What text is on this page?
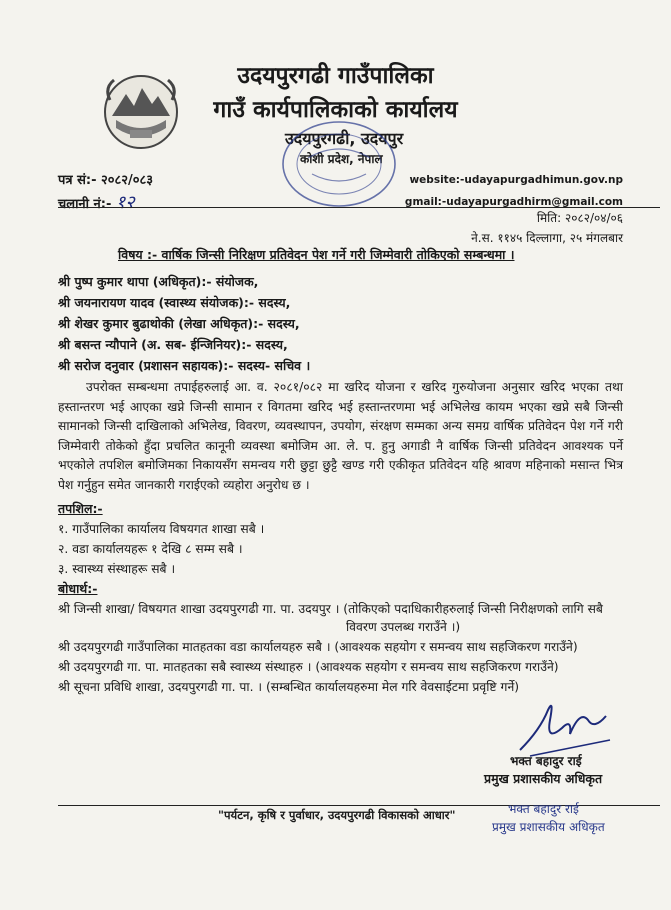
उदयपुरगढी गाउँपालिका
गाउँ कार्यपालिकाको कार्यालय
उदयपुरगढी, उदयपुर
कोशी प्रदेश, नेपाल
पत्र सं:- २०८२/०८३
चलानी नं:- १२
website:-udayapurgadhimun.gov.np
gmail:-udayapurgadhirm@gmail.com
मिति: २०८२/०४/०६
ने.स. ११४५ दिल्लागा, २५ मंगलबार
विषय :- वार्षिक जिन्सी निरिक्षण प्रतिवेदन पेश गर्ने गरी जिम्मेवारी तोकिएको सम्बन्धमा ।
श्री पुष्प कुमार थापा (अधिकृत):- संयोजक,
श्री जयनारायण यादव (स्वास्थ्य संयोजक):- सदस्य,
श्री शेखर कुमार बुढाथोकी (लेखा अधिकृत):- सदस्य,
श्री बसन्त न्यौपाने (अ. सब- ईन्जिनियर):- सदस्य,
श्री सरोज दनुवार (प्रशासन सहायक):- सदस्य- सचिव ।
उपरोक्त सम्बन्धमा तपाईहरुलाई आ. व. २०८१/०८२ मा खरिद योजना र खरिद गुरुयोजना अनुसार खरिद भएका तथा हस्तान्तरण भई आएका खप्ने जिन्सी सामान र विगतमा खरिद भई हस्तान्तरणमा भई अभिलेख कायम भएका खप्ने सबै जिन्सी सामानको जिन्सी दाखिलाको अभिलेख, विवरण, व्यवस्थापन, उपयोग, संरक्षण सम्मका अन्य समग्र वार्षिक प्रतिवेदन पेश गर्ने गरी जिम्मेवारी तोकेको हुँदा प्रचलित कानूनी व्यवस्था बमोजिम आ. ले. प. हुनु अगाडी नै वार्षिक जिन्सी प्रतिवेदन आवश्यक पर्ने भएकोले तपशिल बमोजिमका निकायसँग समन्वय गरी छुट्टा छुट्टै खण्ड गरी एकीकृत प्रतिवेदन यहि श्रावण महिनाको मसान्त भित्र पेश गर्नुहुन समेत जानकारी गराईएको व्यहोरा अनुरोध छ ।
तपशिल:-
१. गाउँपालिका कार्यालय विषयगत शाखा सबै ।
२. वडा कार्यालयहरू १ देखि ८ सम्म सबै ।
३. स्वास्थ्य संस्थाहरू सबै ।
बोधार्थ:-
श्री जिन्सी शाखा/ विषयगत शाखा उदयपुरगढी गा. पा. उदयपुर । (तोकिएको पदाधिकारीहरुलाई जिन्सी निरीक्षणको लागि सबै
विवरण उपलब्ध गराउँने ।)
श्री उदयपुरगढी गाउँपालिका मातहतका वडा कार्यालयहरु सबै । (आवश्यक सहयोग र समन्वय साथ सहजिकरण गराउँने)
श्री उदयपुरगढी गा. पा. मातहतका सबै स्वास्थ्य संस्थाहरु । (आवश्यक सहयोग र समन्वय साथ सहजिकरण गराउँने)
श्री सूचना प्रविधि शाखा, उदयपुरगढी गा. पा. । (सम्बन्धित कार्यालयहरुमा मेल गरि वेवसाईटमा प्रवृष्टि गर्ने)
भक्त बहादुर राई
प्रमुख प्रशासकीय अधिकृत
भक्त बहादुर राई
प्रमुख प्रशासकीय अधिकृत
"पर्यटन, कृषि र पुर्वाधार, उदयपुरगढी विकासको आधार"
